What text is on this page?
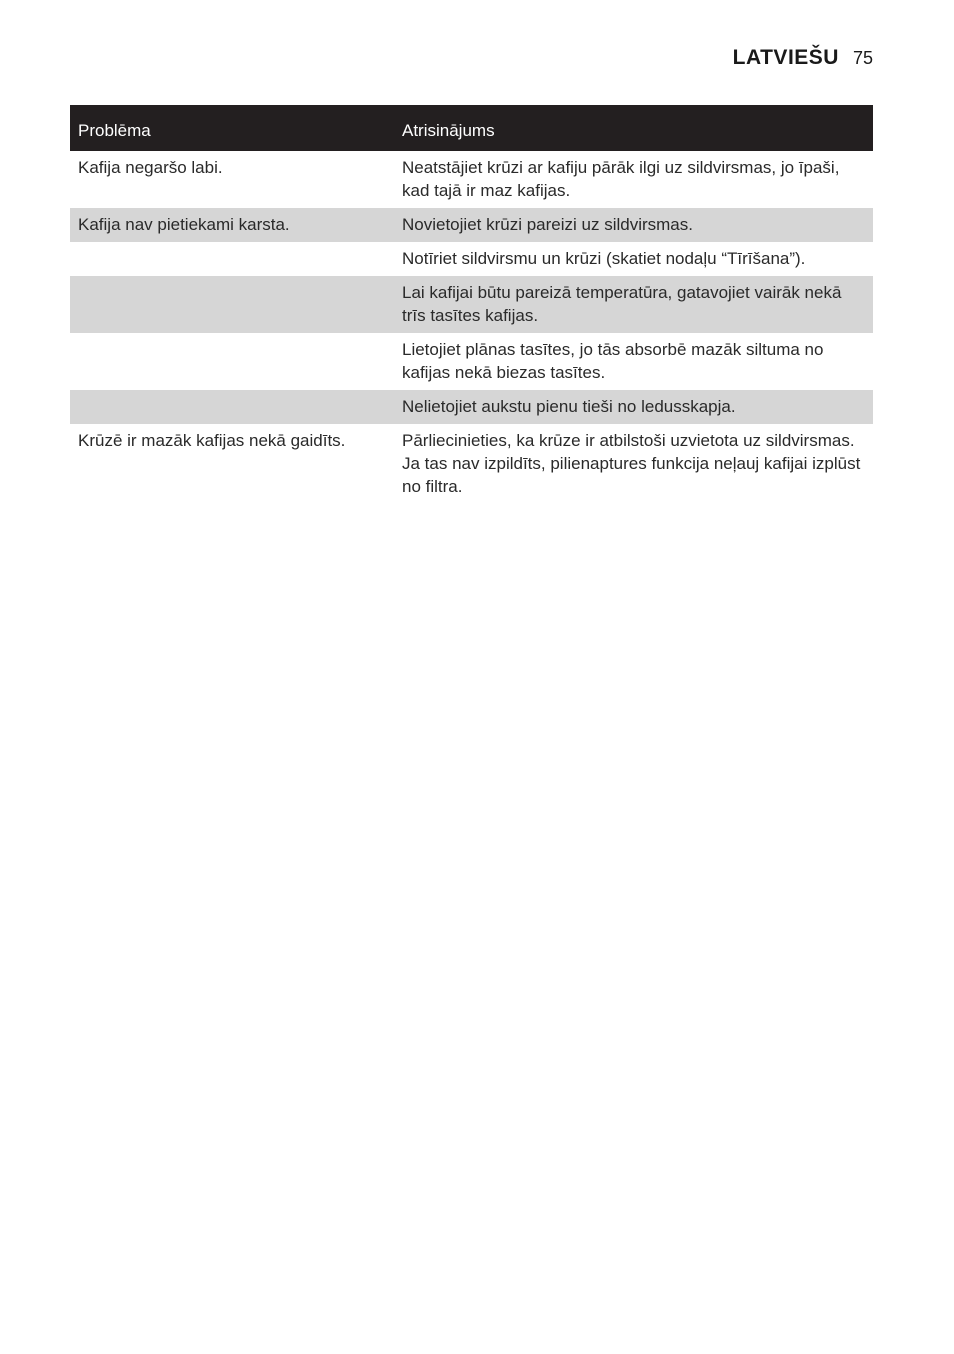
LATVIEŠU 75
Problēma	Atrisinājums
Kafija negaršo labi.	Neatstājiet krūzi ar kafiju pārāk ilgi uz sildvirsmas, jo īpaši, kad tajā ir maz kafijas.
Kafija nav pietiekami karsta.	Novietojiet krūzi pareizi uz sildvirsmas.
	Notīriet sildvirsmu un krūzi (skatiet nodaļu “Tīrīšana”).
	Lai kafijai būtu pareizā temperatūra, gatavojiet vairāk nekā trīs tasītes kafijas.
	Lietojiet plānas tasītes, jo tās absorbē mazāk siltuma no kafijas nekā biezas tasītes.
	Nelietojiet aukstu pienu tieši no ledusskapja.
Krūzē ir mazāk kafijas nekā gaidīts.	Pārliecinieties, ka krūze ir atbilstoši uzvietota uz sildvirsmas. Ja tas nav izpildīts, pilienaptures funkcija neļauj kafijai izplūst no filtra.
